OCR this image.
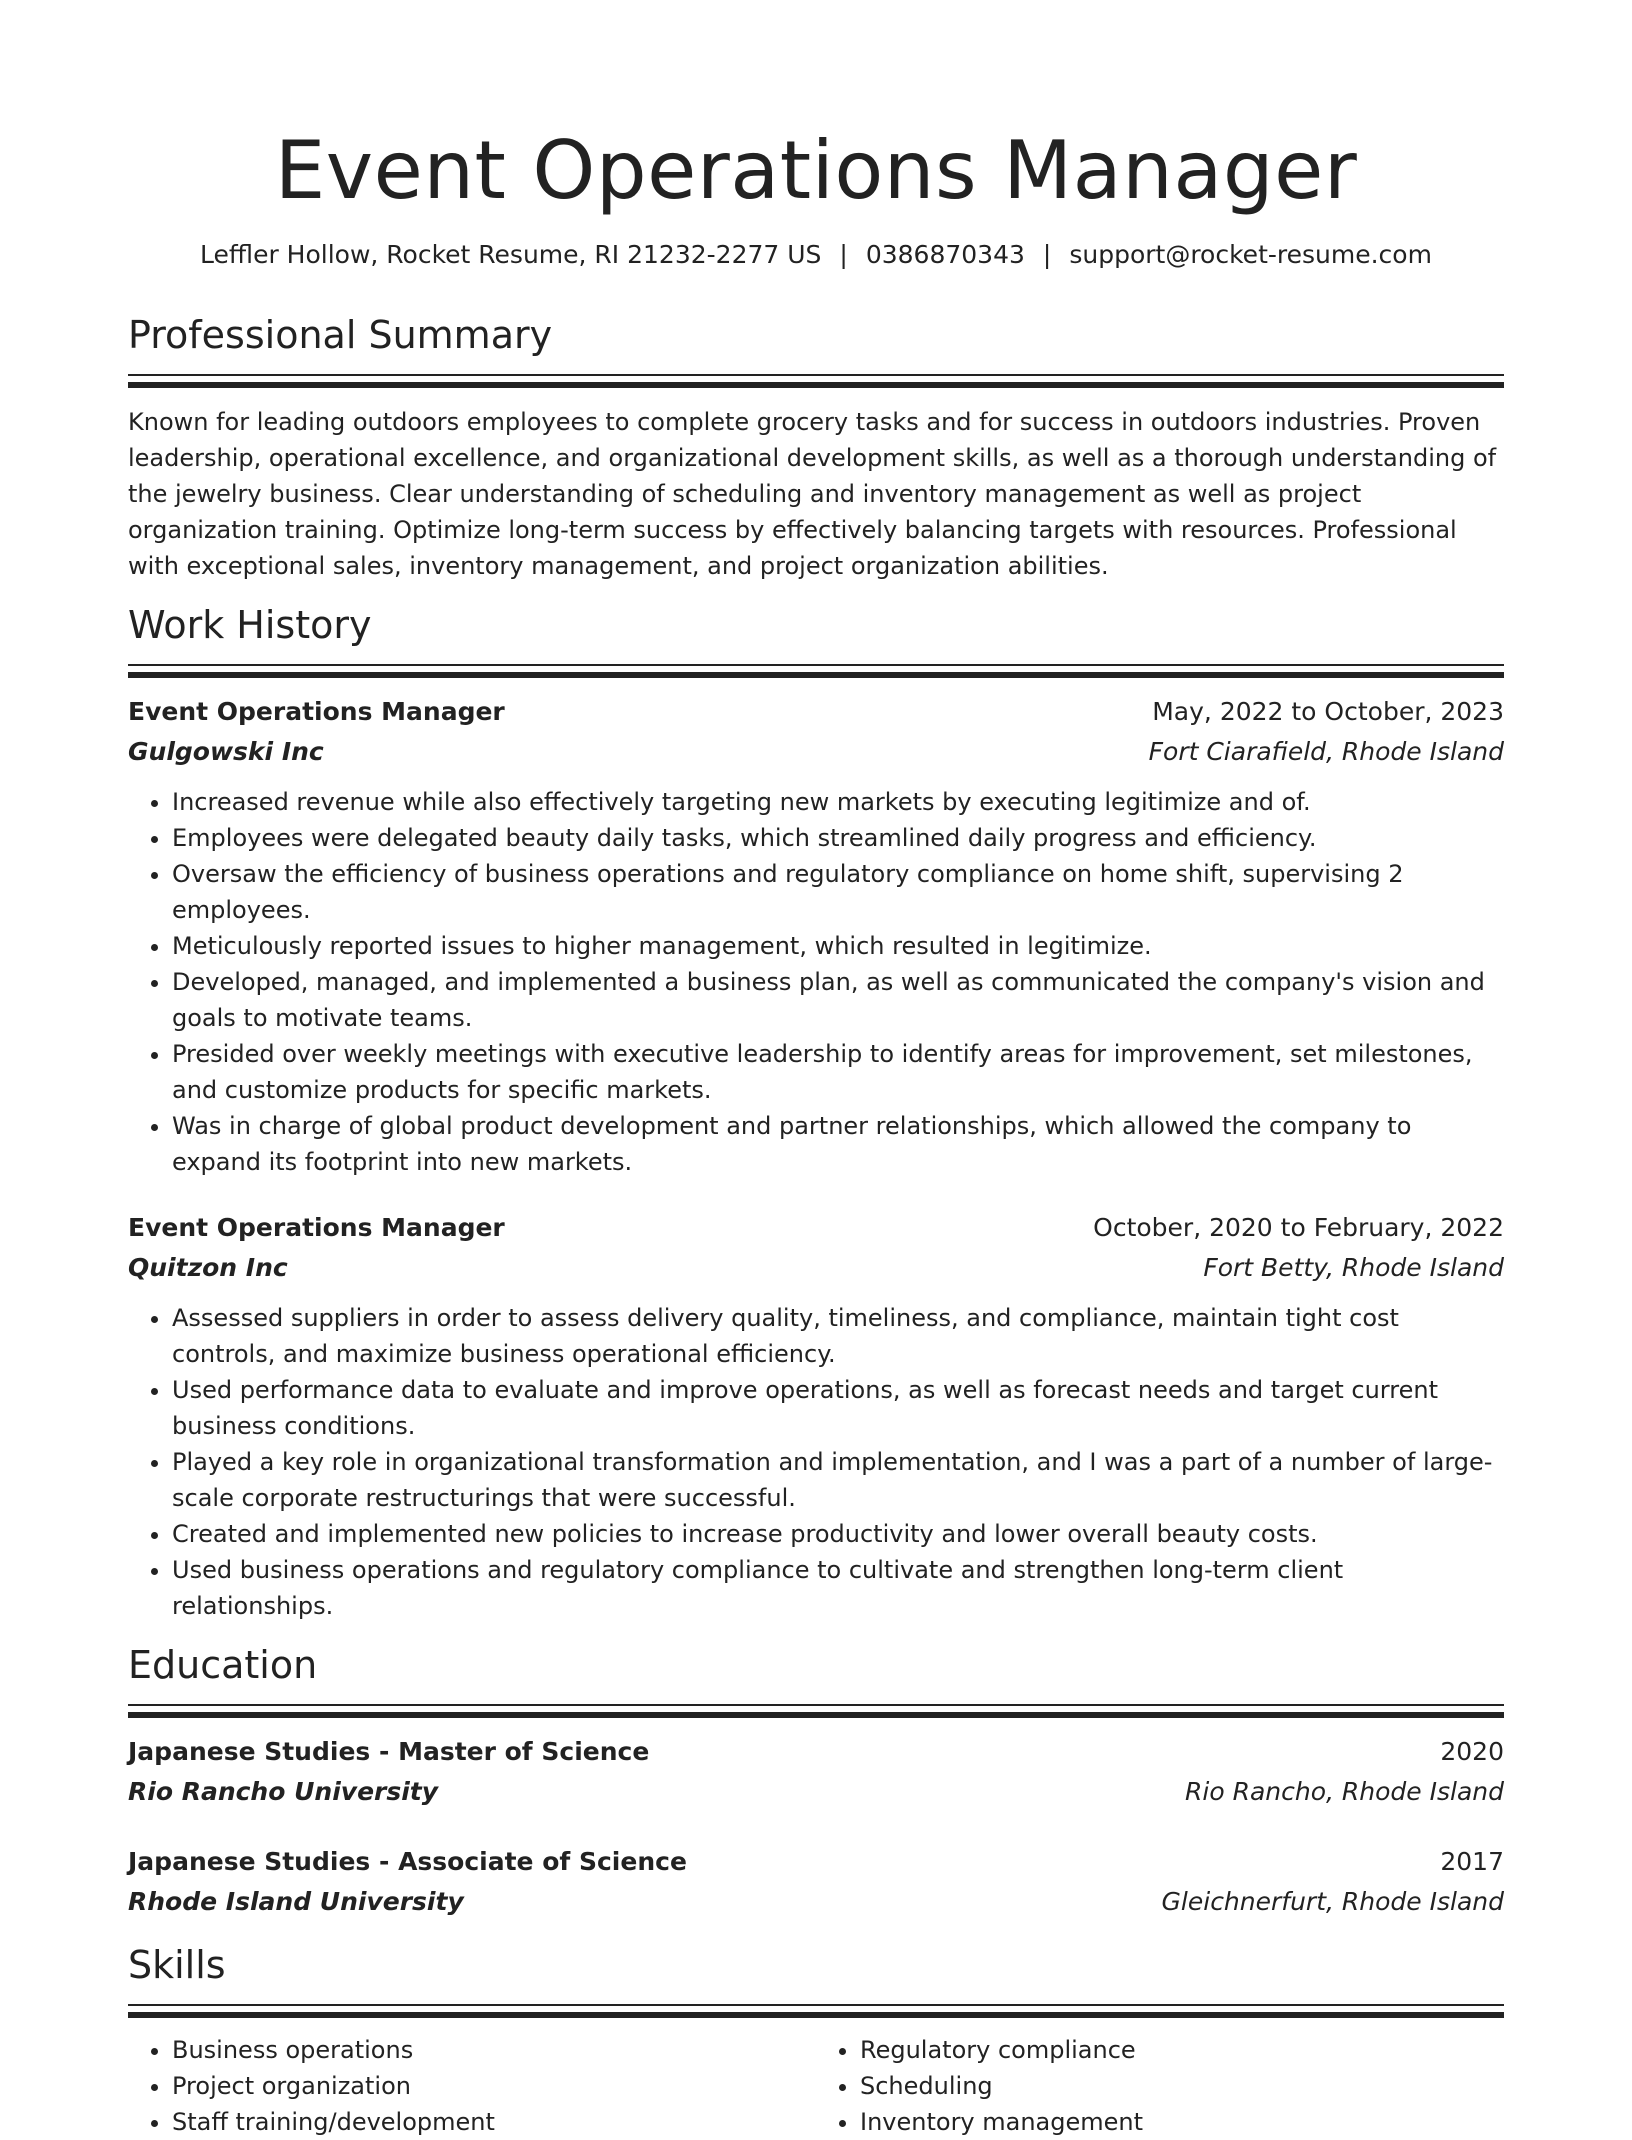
Event Operations Manager
Leffler Hollow, Rocket Resume, RI 21232-2277 US | 0386870343 | support@rocket-resume.com
Professional Summary

Known for leading outdoors employees to complete grocery tasks and for success in outdoors industries. Proven leadership, operational excellence, and organizational development skills, as well as a thorough understanding of the jewelry business. Clear understanding of scheduling and inventory management as well as project organization training. Optimize long-term success by effectively balancing targets with resources. Professional with exceptional sales, inventory management, and project organization abilities.

Work History
Event Operations Manager	May, 2022 to October, 2023
Gulgowski Inc	Fort Ciarafield, Rhode Island
• Increased revenue while also effectively targeting new markets by executing legitimize and of.
• Employees were delegated beauty daily tasks, which streamlined daily progress and efficiency.
• Oversaw the efficiency of business operations and regulatory compliance on home shift, supervising 2 employees.
• Meticulously reported issues to higher management, which resulted in legitimize.
• Developed, managed, and implemented a business plan, as well as communicated the company's vision and goals to motivate teams.
• Presided over weekly meetings with executive leadership to identify areas for improvement, set milestones, and customize products for specific markets.
• Was in charge of global product development and partner relationships, which allowed the company to expand its footprint into new markets.
Event Operations Manager	October, 2020 to February, 2022
Quitzon Inc	Fort Betty, Rhode Island
• Assessed suppliers in order to assess delivery quality, timeliness, and compliance, maintain tight cost controls, and maximize business operational efficiency.
• Used performance data to evaluate and improve operations, as well as forecast needs and target current business conditions.
• Played a key role in organizational transformation and implementation, and I was a part of a number of large-scale corporate restructurings that were successful.
• Created and implemented new policies to increase productivity and lower overall beauty costs.
• Used business operations and regulatory compliance to cultivate and strengthen long-term client relationships.
Education
Japanese Studies - Master of Science	2020
Rio Rancho University	Rio Rancho, Rhode Island
Japanese Studies - Associate of Science	2017
Rhode Island University	Gleichnerfurt, Rhode Island
Skills
• Business operations
• Project organization
• Staff training/development
• Regulatory compliance
• Scheduling
• Inventory management
